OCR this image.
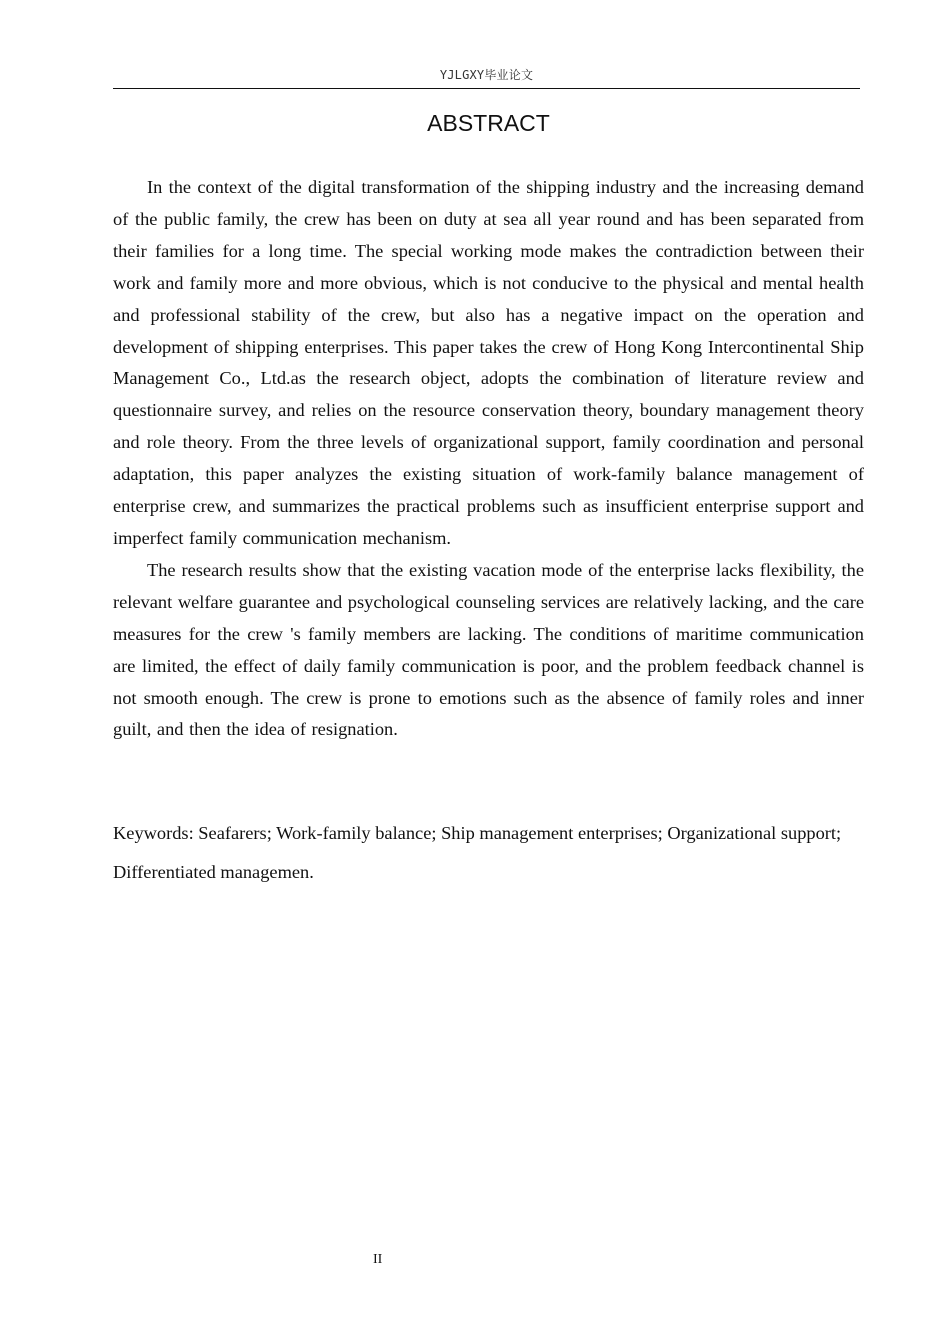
YJLGXY毕业论文
ABSTRACT

In the context of the digital transformation of the shipping industry and the increasing demand of the public family, the crew has been on duty at sea all year round and has been separated from their families for a long time. The special working mode makes the contradiction between their work and family more and more obvious, which is not conducive to the physical and mental health and professional stability of the crew, but also has a negative impact on the operation and development of shipping enterprises. This paper takes the crew of Hong Kong Intercontinental Ship Management Co., Ltd.as the research object, adopts the combination of literature review and questionnaire survey, and relies on the resource conservation theory, boundary management theory and role theory. From the three levels of organizational support, family coordination and personal adaptation, this paper analyzes the existing situation of work-family balance management of enterprise crew, and summarizes the practical problems such as insufficient enterprise support and imperfect family communication mechanism.

The research results show that the existing vacation mode of the enterprise lacks flexibility, the relevant welfare guarantee and psychological counseling services are relatively lacking, and the care measures for the crew 's family members are lacking. The conditions of maritime communication are limited, the effect of daily family communication is poor, and the problem feedback channel is not smooth enough. The crew is prone to emotions such as the absence of family roles and inner guilt, and then the idea of resignation.

Keywords: Seafarers; Work-family balance; Ship management enterprises; Organizational support; Differentiated managemen.
II
